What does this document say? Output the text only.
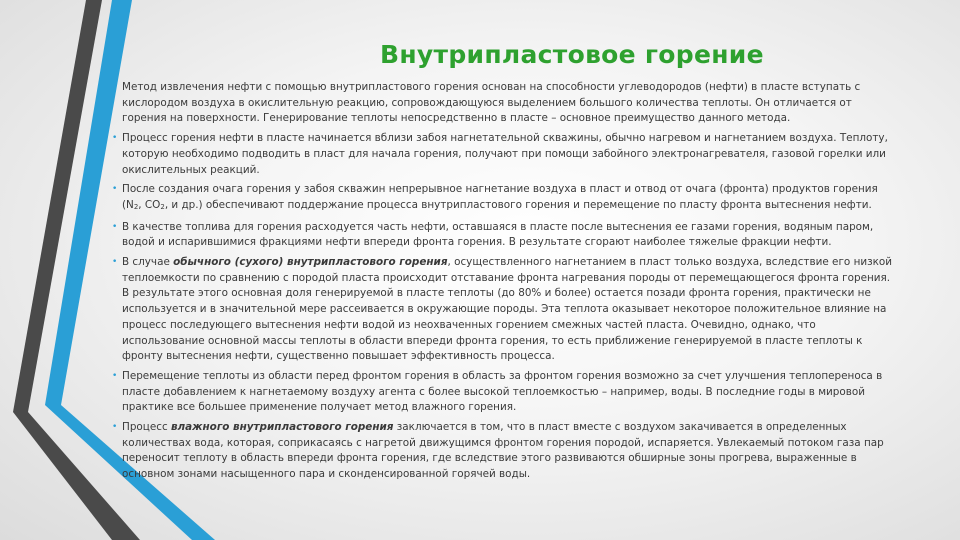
Внутрипластовое горение
• Метод извлечения нефти с помощью внутрипластового горения основан на способности углеводородов (нефти) в пласте вступать с кислородом воздуха в окислительную реакцию, сопровождающуюся выделением большого количества теплоты. Он отличается от горения на поверхности. Генерирование теплоты непосредственно в пласте – основное преимущество данного метода.
• Процесс горения нефти в пласте начинается вблизи забоя нагнетательной скважины, обычно нагревом и нагнетанием воздуха. Теплоту, которую необходимо подводить в пласт для начала горения, получают при помощи забойного электронагревателя, газовой горелки или окислительных реакций.
• После создания очага горения у забоя скважин непрерывное нагнетание воздуха в пласт и отвод от очага (фронта) продуктов горения (N2, CO2, и др.) обеспечивают поддержание процесса внутрипластового горения и перемещение по пласту фронта вытеснения нефти.
• В качестве топлива для горения расходуется часть нефти, оставшаяся в пласте после вытеснения ее газами горения, водяным паром, водой и испарившимися фракциями нефти впереди фронта горения. В результате сгорают наиболее тяжелые фракции нефти.
• В случае обычного (сухого) внутрипластового горения, осуществленного нагнетанием в пласт только воздуха, вследствие его низкой теплоемкости по сравнению с породой пласта происходит отставание фронта нагревания породы от перемещающегося фронта горения. В результате этого основная доля генерируемой в пласте теплоты (до 80% и более) остается позади фронта горения, практически не используется и в значительной мере рассеивается в окружающие породы. Эта теплота оказывает некоторое положительное влияние на процесс последующего вытеснения нефти водой из неохваченных горением смежных частей пласта. Очевидно, однако, что использование основной массы теплоты в области впереди фронта горения, то есть приближение генерируемой в пласте теплоты к фронту вытеснения нефти, существенно повышает эффективность процесса.
• Перемещение теплоты из области перед фронтом горения в область за фронтом горения возможно за счет улучшения теплопереноса в пласте добавлением к нагнетаемому воздуху агента с более высокой теплоемкостью – например, воды. В последние годы в мировой практике все большее применение получает метод влажного горения.
• Процесс влажного внутрипластового горения заключается в том, что в пласт вместе с воздухом закачивается в определенных количествах вода, которая, соприкасаясь с нагретой движущимся фронтом горения породой, испаряется. Увлекаемый потоком газа пар переносит теплоту в область впереди фронта горения, где вследствие этого развиваются обширные зоны прогрева, выраженные в основном зонами насыщенного пара и сконденсированной горячей воды.
